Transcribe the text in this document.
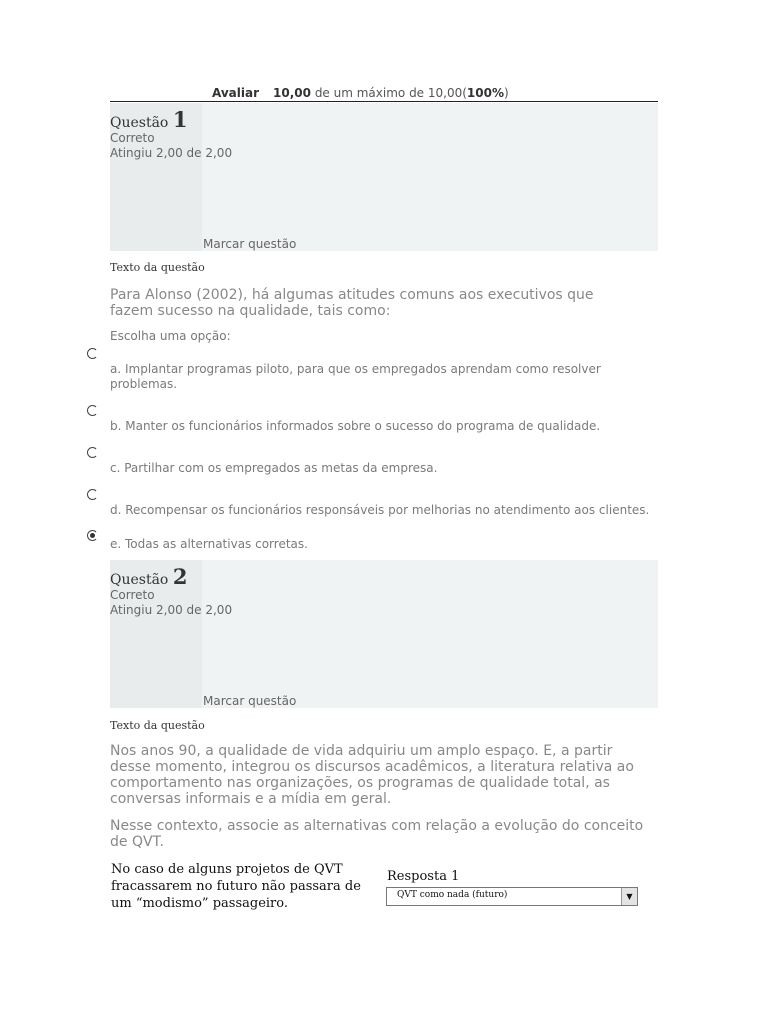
Avaliar 10,00 de um máximo de 10,00(100%)
Questão 1
Correto
Atingiu 2,00 de 2,00
Marcar questão
Texto da questão
Para Alonso (2002), há algumas atitudes comuns aos executivos que fazem sucesso na qualidade, tais como:
Escolha uma opção:
a. Implantar programas piloto, para que os empregados aprendam como resolver problemas.
b. Manter os funcionários informados sobre o sucesso do programa de qualidade.
c. Partilhar com os empregados as metas da empresa.
d. Recompensar os funcionários responsáveis por melhorias no atendimento aos clientes.
e. Todas as alternativas corretas.
Questão 2
Correto
Atingiu 2,00 de 2,00
Marcar questão
Texto da questão
Nos anos 90, a qualidade de vida adquiriu um amplo espaço. E, a partir desse momento, integrou os discursos acadêmicos, a literatura relativa ao comportamento nas organizações, os programas de qualidade total, as conversas informais e a mídia em geral.
Nesse contexto, associe as alternativas com relação a evolução do conceito de QVT.
No caso de alguns projetos de QVT fracassarem no futuro não passara de um “modismo” passageiro.
Resposta 1
QVT como nada (futuro)	▼
